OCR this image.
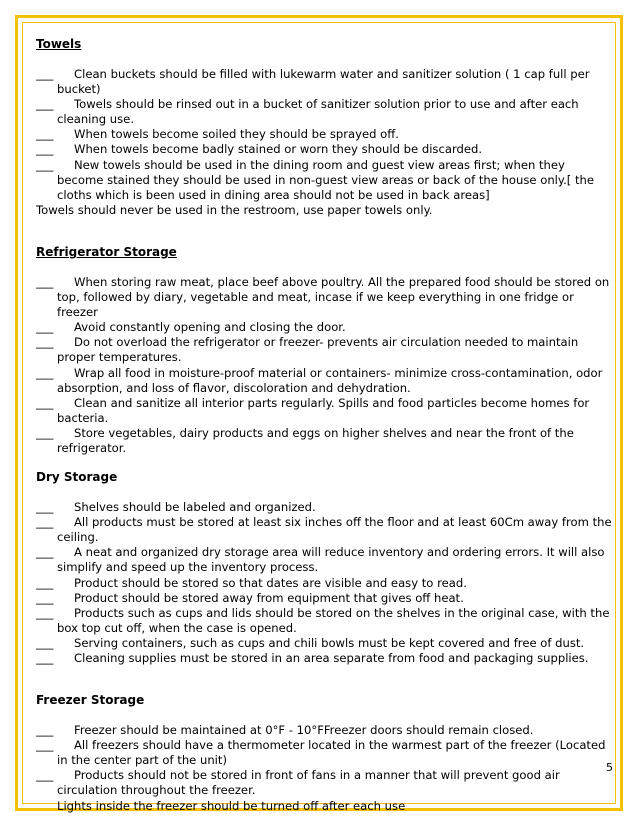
Towels

___ Clean buckets should be filled with lukewarm water and sanitizer solution ( 1 cap full per bucket)

___ Towels should be rinsed out in a bucket of sanitizer solution prior to use and after each cleaning use.

___ When towels become soiled they should be sprayed off.

___ When towels become badly stained or worn they should be discarded.

___ New towels should be used in the dining room and guest view areas first; when they become stained they should be used in non-guest view areas or back of the house only.[ the cloths which is been used in dining area should not be used in back areas]

Towels should never be used in the restroom, use paper towels only.

Refrigerator Storage

___ When storing raw meat, place beef above poultry. All the prepared food should be stored on top, followed by diary, vegetable and meat, incase if we keep everything in one fridge or freezer

___ Avoid constantly opening and closing the door.

___ Do not overload the refrigerator or freezer- prevents air circulation needed to maintain proper temperatures.

___ Wrap all food in moisture-proof material or containers- minimize cross-contamination, odor absorption, and loss of flavor, discoloration and dehydration.

___ Clean and sanitize all interior parts regularly. Spills and food particles become homes for bacteria.

___ Store vegetables, dairy products and eggs on higher shelves and near the front of the refrigerator.

Dry Storage

___ Shelves should be labeled and organized.

___ All products must be stored at least six inches off the floor and at least 60Cm away from the ceiling.

___ A neat and organized dry storage area will reduce inventory and ordering errors. It will also simplify and speed up the inventory process.

___ Product should be stored so that dates are visible and easy to read.

___ Product should be stored away from equipment that gives off heat.

___ Products such as cups and lids should be stored on the shelves in the original case, with the box top cut off, when the case is opened.

___ Serving containers, such as cups and chili bowls must be kept covered and free of dust.

___ Cleaning supplies must be stored in an area separate from food and packaging supplies.

Freezer Storage

___ Freezer should be maintained at 0°F - 10°FFreezer doors should remain closed.

___ All freezers should have a thermometer located in the warmest part of the freezer (Located in the center part of the unit)

___ Products should not be stored in front of fans in a manner that will prevent good air circulation throughout the freezer.

Lights inside the freezer should be turned off after each use

5
